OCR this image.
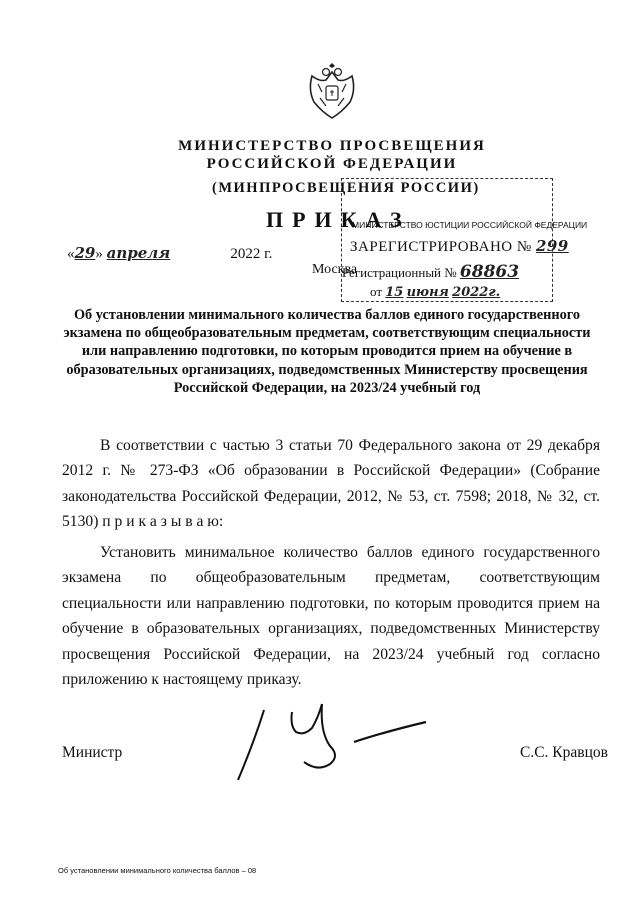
МИНИСТЕРСТВО ПРОСВЕЩЕНИЯ
РОССИЙСКОЙ ФЕДЕРАЦИИ
(МИНПРОСВЕЩЕНИЯ РОССИИ)
МИНИСТЕРСТВО ЮСТИЦИИ РОССИЙСКОЙ ФЕДЕРАЦИИ
ЗАРЕГИСТРИРОВАНО № 299
Регистрационный № 68863
от 15 июня 2022г.
ПРИКАЗ
«29» апреля	2022 г.
Москва
Об установлении минимального количества баллов единого государственного экзамена по общеобразовательным предметам, соответствующим специальности или направлению подготовки, по которым проводится прием на обучение в образовательных организациях, подведомственных Министерству просвещения Российской Федерации, на 2023/24 учебный год
В соответствии с частью 3 статьи 70 Федерального закона от 29 декабря 2012 г. № 273-ФЗ «Об образовании в Российской Федерации» (Собрание законодательства Российской Федерации, 2012, № 53, ст. 7598; 2018, № 32, ст. 5130) п р и к а з ы в а ю:
Установить минимальное количество баллов единого государственного экзамена по общеобразовательным предметам, соответствующим специальности или направлению подготовки, по которым проводится прием на обучение в образовательных организациях, подведомственных Министерству просвещения Российской Федерации, на 2023/24 учебный год согласно приложению к настоящему приказу.
Министр	С.С. Кравцов
Об установлении минимального количества баллов – 08
